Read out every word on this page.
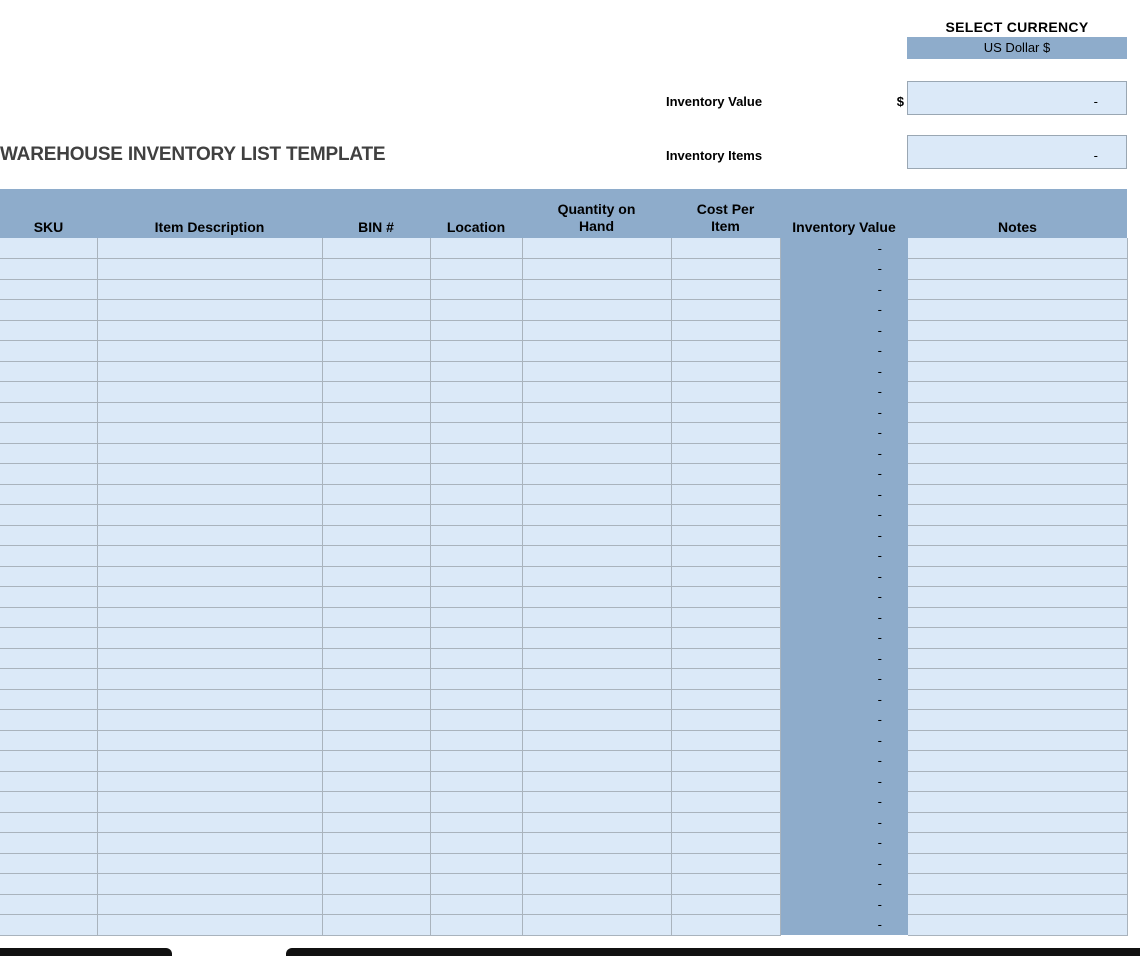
SELECT CURRENCY
US Dollar $
Inventory Value	$	-
WAREHOUSE INVENTORY LIST TEMPLATE	Inventory Items	-
SKU	Item Description	BIN #	Location	Quantity on Hand	Cost Per Item	Inventory Value	Notes
						-	
						-	
						-	
						-	
						-	
						-	
						-	
						-	
						-	
						-	
						-	
						-	
						-	
						-	
						-	
						-	
						-	
						-	
						-	
						-	
						-	
						-	
						-	
						-	
						-	
						-	
						-	
						-	
						-	
						-	
						-	
						-	
						-	
						-	
